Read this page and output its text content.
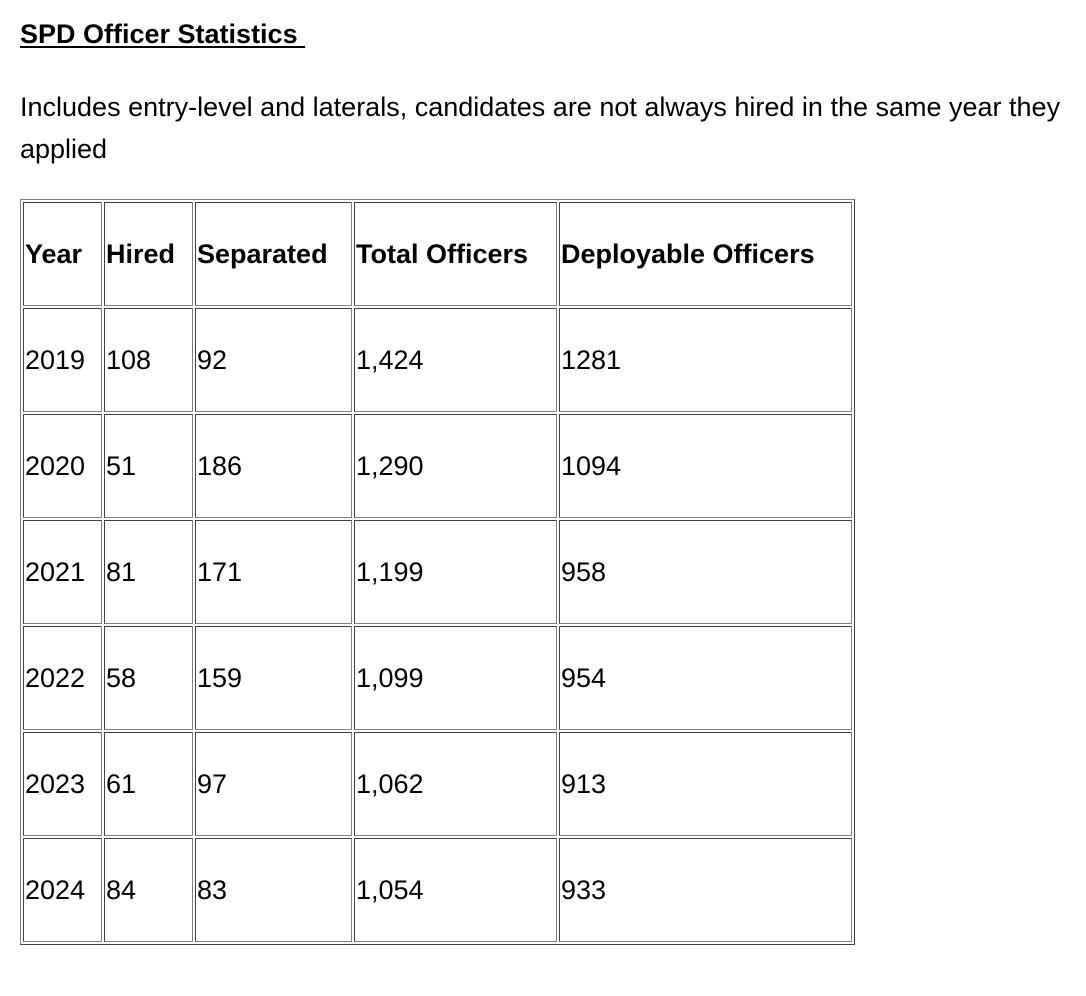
SPD Officer Statistics

Includes entry-level and laterals, candidates are not always hired in the same year they applied

Year	Hired	Separated	Total Officers	Deployable Officers
2019	108	92	1,424	1281
2020	51	186	1,290	1094
2021	81	171	1,199	958
2022	58	159	1,099	954
2023	61	97	1,062	913
2024	84	83	1,054	933
